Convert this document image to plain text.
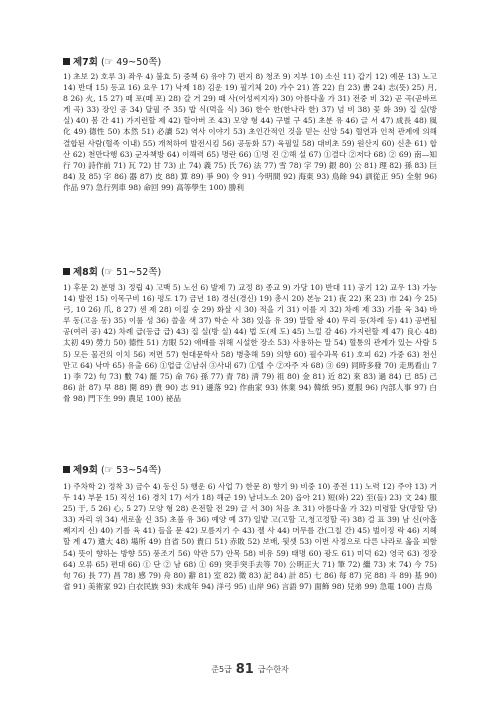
제7회 (☞ 49~50쪽)
1) 초보 2) 호루 3) 좌우 4) 불효 5) 중책 6) 유야 7) 편지 8) 청조 9) 지부 10) 소신 11) 갑기 12) 예문 13) 노고 14) 반대 15) 등교 16) 요우 17) 낙제 18) 김운 19) 필기체 20) 가수 21) 答 22) 自 23) 書 24) 志(뜻) 25) 月, 8 26) 火, 15 27) 떼 포(떼 포) 28) 갈 거 29) 때 사(어성씨지자) 30) 아름다울 가 31) 전중 비 32) 곧 곡(곧바르게 곡) 33) 장인 공 34) 달필 주 35) 밥 식(먹을 식) 36) 한수 한(한나라 한) 37) 넘 비 38) 꽃 화 39) 집 실(방 실) 40) 봄 간 41) 가지런할 제 42) 할아버 조 43) 모양 형 44) 구별 구 45) 초분 유 46) 글 서 47) 成長 48) 風化 49) 德性 50) 本然 51) 必讀 52) 역사 이야기 53) 초인간적인 것을 믿는 신앙 54) 혈연과 인척 관계에 의해 결합된 사람(혈족 이내) 55) 개척하여 발전시킴 56) 공동화 57) 육필일 58) 대비초 59) 원산지 60) 신춘 61) 합산 62) 천만다행 63) 군자책방 64) 이해력 65) 명란 66) ①명 진 ②해 설 67) ①결다 ②저다 68) ② 69) 南—知行 70) 詩作前 71) 瓦 72) 甘 73) 止 74) 義 75) 氏 76) 法 77) 雪 78) 字 79) 銀 80) 公 81) 理 82) 孫 83) 巨 84) 及 85) 字 86) 器 87) 皮 88) 算 89) 爭 90) 令 91) 今明間 92) 海東 93) 鳥餘 94) 訓從正 95) 全射 96) 作品 97) 急行列車 98) 命回 99) 高等學生 100) 勝利
제8회 (☞ 51~52쪽)
1) 후문 2) 분명 3) 정립 4) 고백 5) 노선 6) 발제 7) 교정 8) 종교 9) 가당 10) 반대 11) 공기 12) 교우 13) 가능 14) 발전 15) 이목구비 16) 평도 17) 금년 18) 경신(경신) 19) 총시 20) 본능 21) 夜 22) 來 23) 市 24) 今 25) 弓, 10 26) 爪, 8 27) 센 제 28) 이질 숭 29) 화살 시 30) 적을 기 31) 이를 지 32) 차례 제 33) 기를 육 34) 바루 동(고음 동) 35) 이룰 성 36) 쓸울 색 37) 학순 사 38) 있을 유 39) 말할 왕 40) 무리 등(차례 등) 41) 공변될 공(여러 공) 42) 차례 급(등급 급) 43) 집 실(방 실) 44) 법 도(제 도) 45) 느낄 감 46) 가지런할 제 47) 良心 48) 太初 49) 勞力 50) 德性 51) 方眼 52) 애배를 위해 시설한 장소 53) 사용하는 말 54) 혈통의 관계가 있는 사람 55) 모든 물건의 이치 56) 저면 57) 현대문학사 58) 병충해 59) 의향 60) 필수과목 61) 호피 62) 가중 63) 천신만고 64) 낙마 65) 유출 66) ①업급 ②남쉬 ③사내 67) ①텔 수 ②자주 자 68) ③ 69) 同時多發 70) 走馬看山 71) 李 72) 句 73) 數 74) 罷 75) 命 76) 孫 77) 青 78) 淸 79) 祖 80) 金 81) 近 82) 來 83) 過 84) 已 85) 己 86) 計 87) 早 88) 開 89) 貴 90) 志 91) 遜落 92) 作曲家 93) 休業 94) 韓紙 95) 夏服 96) 內部人事 97) 白骨 98) 門下生 99) 農足 100) 祕品
제9회 (☞ 53~54쪽)
1) 주차학 2) 정착 3) 금수 4) 동신 5) 행운 6) 사업 7) 한문 8) 향기 9) 비중 10) 종전 11) 노력 12) 주야 13) 거두 14) 부문 15) 직선 16) 경치 17) 서가 18) 해군 19) 남녀노소 20) 읍아 21) 短(와) 22) 至(들) 23) 文 24) 服 25) 于, 5 26) 心, 5 27) 모양 형 28) 온전할 전 29) 글 서 30) 처음 초 31) 아름다울 가 32) 미령할 당(망할 당) 33) 자리 위 34) 새로울 신 35) 초풀 유 36) 예양 예 37) 일밭 고(고할 고,청고정할 곡) 38) 걸 표 39) 남 신(아홉째지지 신) 40) 기를 육 41) 들을 문 42) 모름지기 수 43) 젤 사 44) 머무를 간(그칠 간) 45) 벌이징 락 46) 지헤할 계 47) 遺大 48) 場所 49) 自省 50) 貴口 51) 赤敗 52) 보배, 뒷셋 53) 이번 사정으로 다른 나라로 옮을 피함 54) 뜻이 향하는 방향 55) 풍조기 56) 약관 57) 안목 58) 비유 59) 태명 60) 광도 61) 미덕 62) 영국 63) 정장 64) 오류 65) 편대 66) ① 단 ② 남 68) ① 69) 突手突手去等 70) 公明正大 71) 筆 72) 繼 73) 末 74) 今 75) 句 76) 長 77) 昌 78) 感 79) 舟 80) 辭 81) 室 82) 徵 83) 記 84) 計 85) 七 86) 每 87) 完 88) 斗 89) 基 90) 省 91) 美術家 92) 白衣民族 93) 未成年 94) 洋弓 95) 山岸 96) 言語 97) 面飾 98) 兒弟 99) 急電 100) 吉鳥
준5급 81 급수한자
